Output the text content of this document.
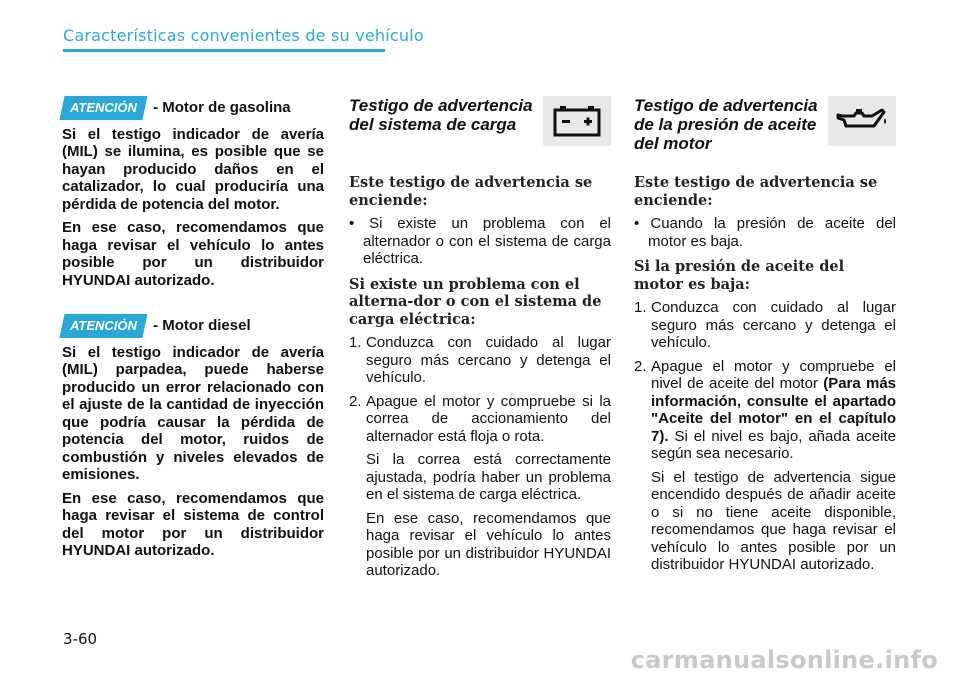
Características convenientes de su vehículo
ATENCIÓN - Motor de gasolina

Si el testigo indicador de avería (MIL) se ilumina, es posible que se hayan producido daños en el catalizador, lo cual produciría una pérdida de potencia del motor.

En ese caso, recomendamos que haga revisar el vehículo lo antes posible por un distribuidor HYUNDAI autorizado.

ATENCIÓN - Motor diesel

Si el testigo indicador de avería (MIL) parpadea, puede haberse producido un error relacionado con el ajuste de la cantidad de inyección que podría causar la pérdida de potencia del motor, ruidos de combustión y niveles elevados de emisiones.

En ese caso, recomendamos que haga revisar el sistema de control del motor por un distribuidor HYUNDAI autorizado.

Testigo de advertencia del sistema de carga

Este testigo de advertencia se enciende:

• Si existe un problema con el alternador o con el sistema de carga eléctrica.

Si existe un problema con el alterna-dor o con el sistema de carga eléctrica:

1. Conduzca con cuidado al lugar seguro más cercano y detenga el vehículo.
2. Apague el motor y compruebe si la correa de accionamiento del alternador está floja o rota.

Si la correa está correctamente ajustada, podría haber un problema en el sistema de carga eléctrica.

En ese caso, recomendamos que haga revisar el vehículo lo antes posible por un distribuidor HYUNDAI autorizado.

Testigo de advertencia de la presión de aceite del motor

Este testigo de advertencia se enciende:

• Cuando la presión de aceite del motor es baja.

Si la presión de aceite del motor es baja:

1. Conduzca con cuidado al lugar seguro más cercano y detenga el vehículo.
2. Apague el motor y compruebe el nivel de aceite del motor (Para más información, consulte el apartado "Aceite del motor" en el capítulo 7). Si el nivel es bajo, añada aceite según sea necesario.

Si el testigo de advertencia sigue encendido después de añadir aceite o si no tiene aceite disponible, recomendamos que haga revisar el vehículo lo antes posible por un distribuidor HYUNDAI autorizado.

3-60
carmanualsonline.info
